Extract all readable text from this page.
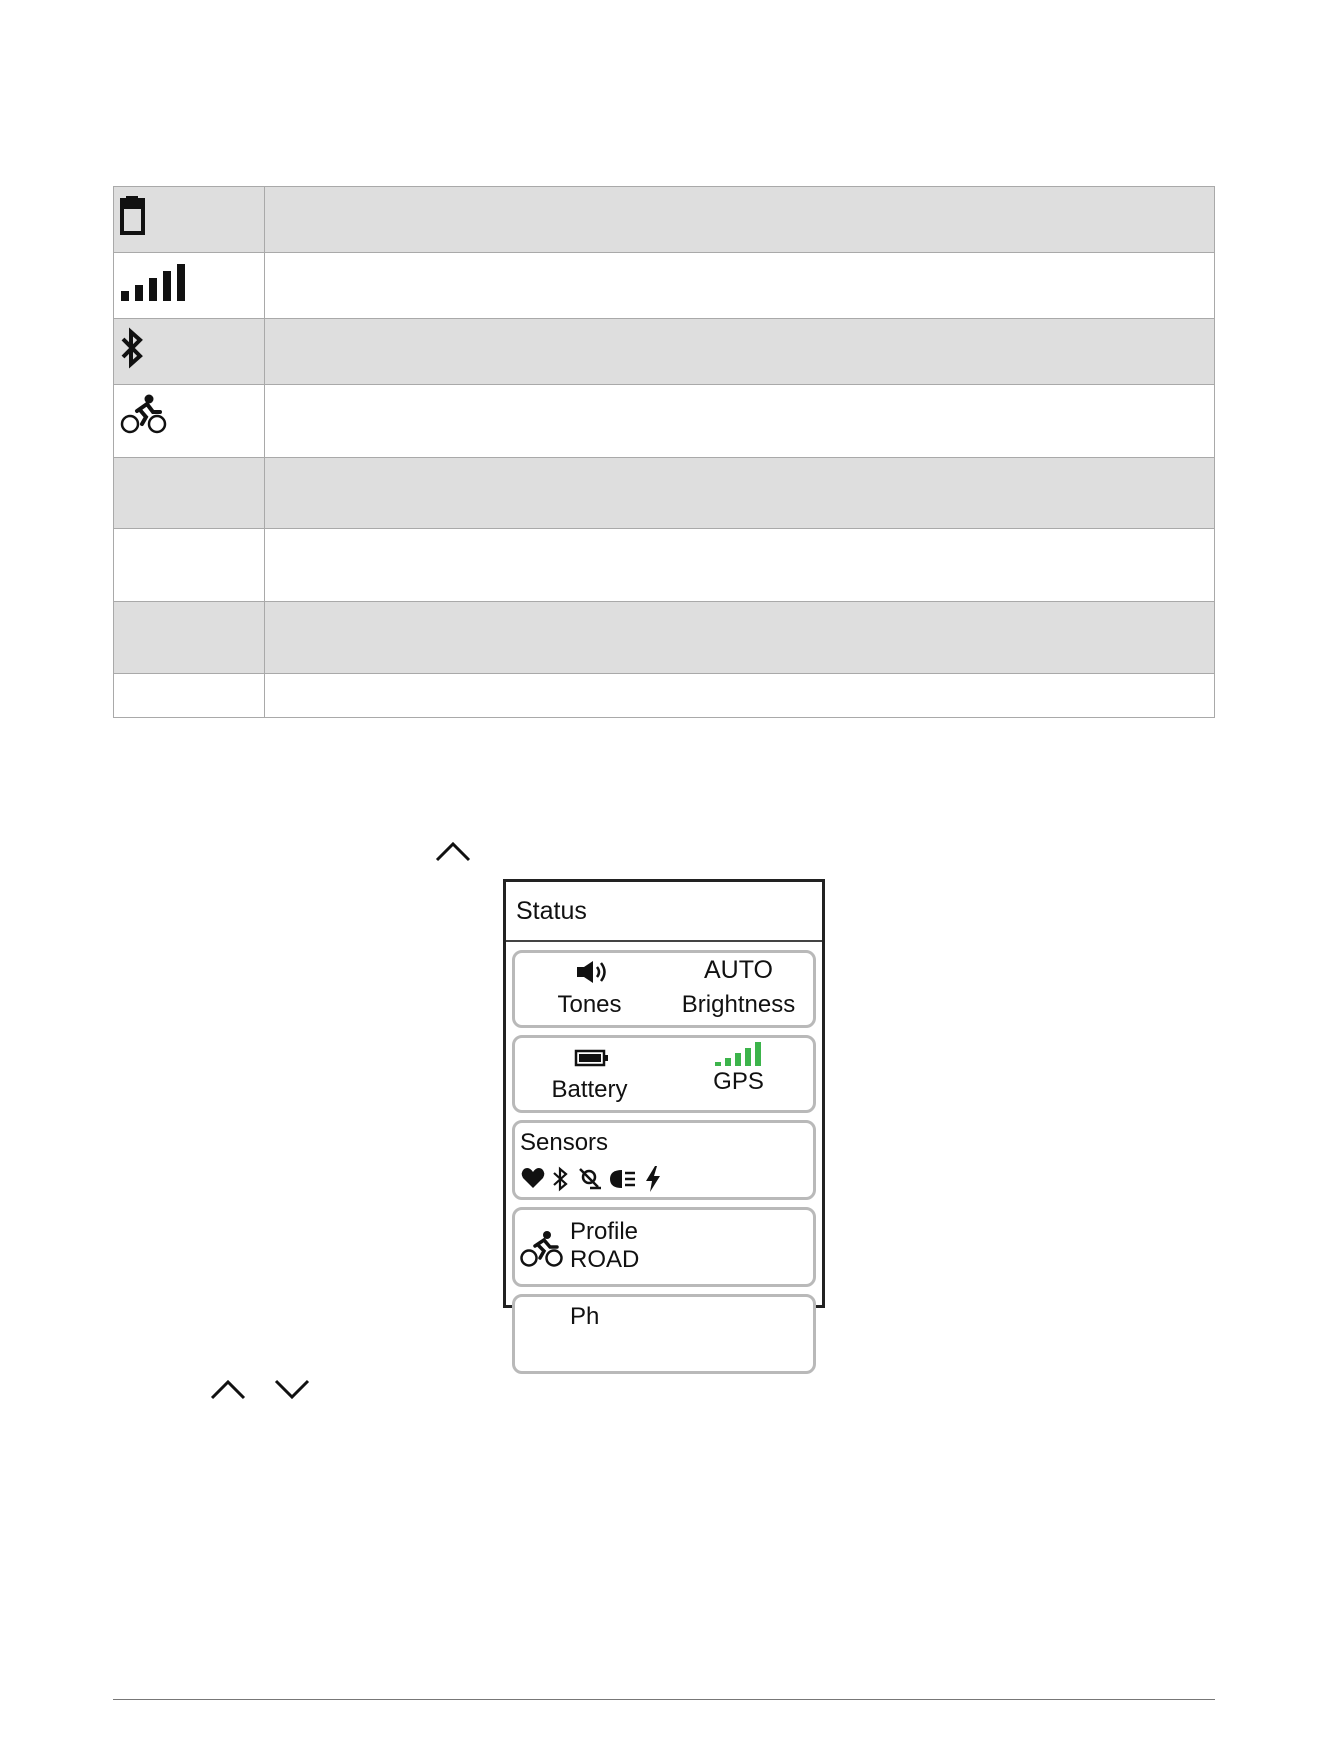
Status
Tones
AUTO
Brightness
Battery	GPS
Sensors
Profile
ROAD
Ph
